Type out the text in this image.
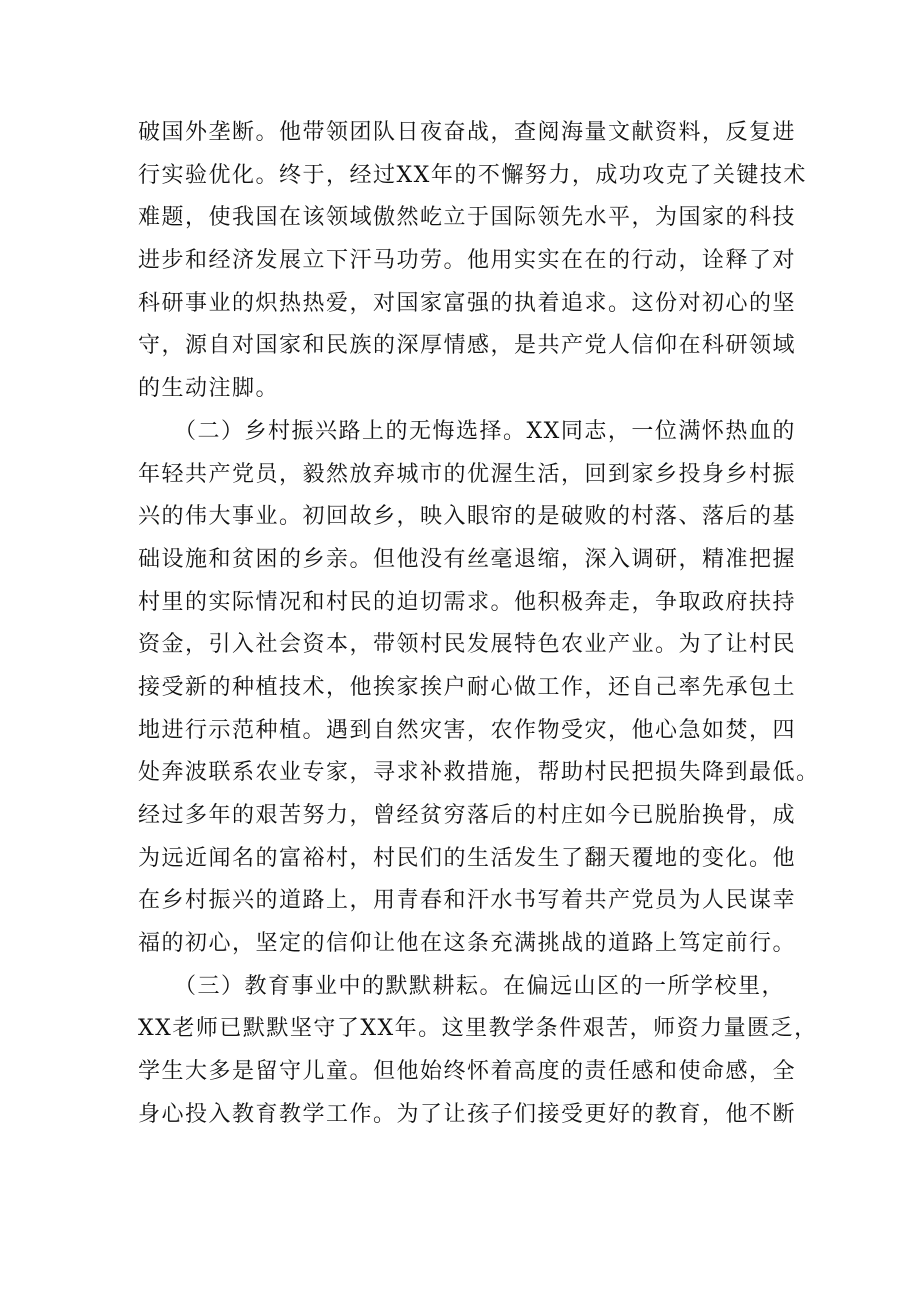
破国外垄断。他带领团队日夜奋战，查阅海量文献资料，反复进
行实验优化。终于，经过XX年的不懈努力，成功攻克了关键技术
难题，使我国在该领域傲然屹立于国际领先水平，为国家的科技
进步和经济发展立下汗马功劳。他用实实在在的行动，诠释了对
科研事业的炽热热爱，对国家富强的执着追求。这份对初心的坚
守，源自对国家和民族的深厚情感，是共产党人信仰在科研领域
的生动注脚。
（二）乡村振兴路上的无悔选择。XX同志，一位满怀热血的
年轻共产党员，毅然放弃城市的优渥生活，回到家乡投身乡村振
兴的伟大事业。初回故乡，映入眼帘的是破败的村落、落后的基
础设施和贫困的乡亲。但他没有丝毫退缩，深入调研，精准把握
村里的实际情况和村民的迫切需求。他积极奔走，争取政府扶持
资金，引入社会资本，带领村民发展特色农业产业。为了让村民
接受新的种植技术，他挨家挨户耐心做工作，还自己率先承包土
地进行示范种植。遇到自然灾害，农作物受灾，他心急如焚，四
处奔波联系农业专家，寻求补救措施，帮助村民把损失降到最低。
经过多年的艰苦努力，曾经贫穷落后的村庄如今已脱胎换骨，成
为远近闻名的富裕村，村民们的生活发生了翻天覆地的变化。他
在乡村振兴的道路上，用青春和汗水书写着共产党员为人民谋幸
福的初心，坚定的信仰让他在这条充满挑战的道路上笃定前行。
（三）教育事业中的默默耕耘。在偏远山区的一所学校里，
XX老师已默默坚守了XX年。这里教学条件艰苦，师资力量匮乏，
学生大多是留守儿童。但他始终怀着高度的责任感和使命感，全
身心投入教育教学工作。为了让孩子们接受更好的教育，他不断
